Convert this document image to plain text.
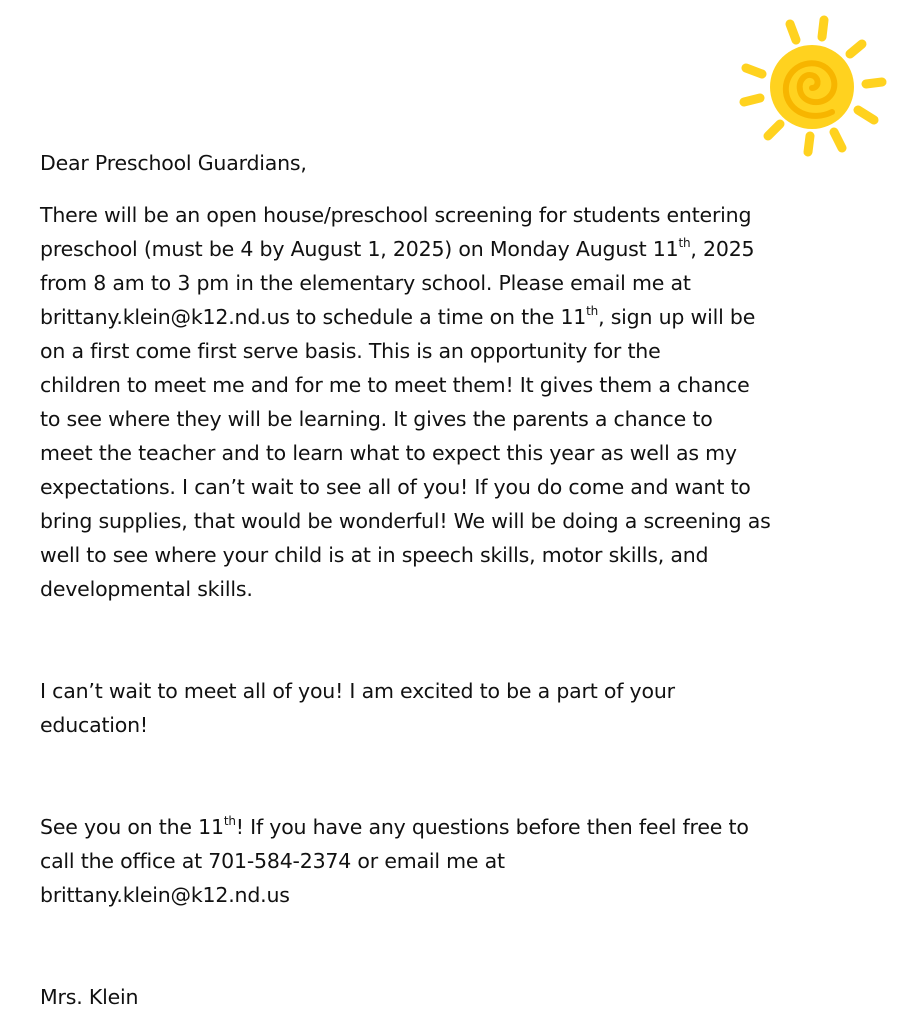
Dear Preschool Guardians,

There will be an open house/preschool screening for students entering
preschool (must be 4 by August 1, 2025) on Monday August 11th, 2025
from 8 am to 3 pm in the elementary school. Please email me at
brittany.klein@k12.nd.us to schedule a time on the 11th, sign up will be
on a first come first serve basis. This is an opportunity for the
children to meet me and for me to meet them! It gives them a chance
to see where they will be learning. It gives the parents a chance to
meet the teacher and to learn what to expect this year as well as my
expectations. I can’t wait to see all of you! If you do come and want to
bring supplies, that would be wonderful! We will be doing a screening as
well to see where your child is at in speech skills, motor skills, and
developmental skills.

I can’t wait to meet all of you! I am excited to be a part of your
education!

See you on the 11th! If you have any questions before then feel free to
call the office at 701-584-2374 or email me at
brittany.klein@k12.nd.us

Mrs. Klein
